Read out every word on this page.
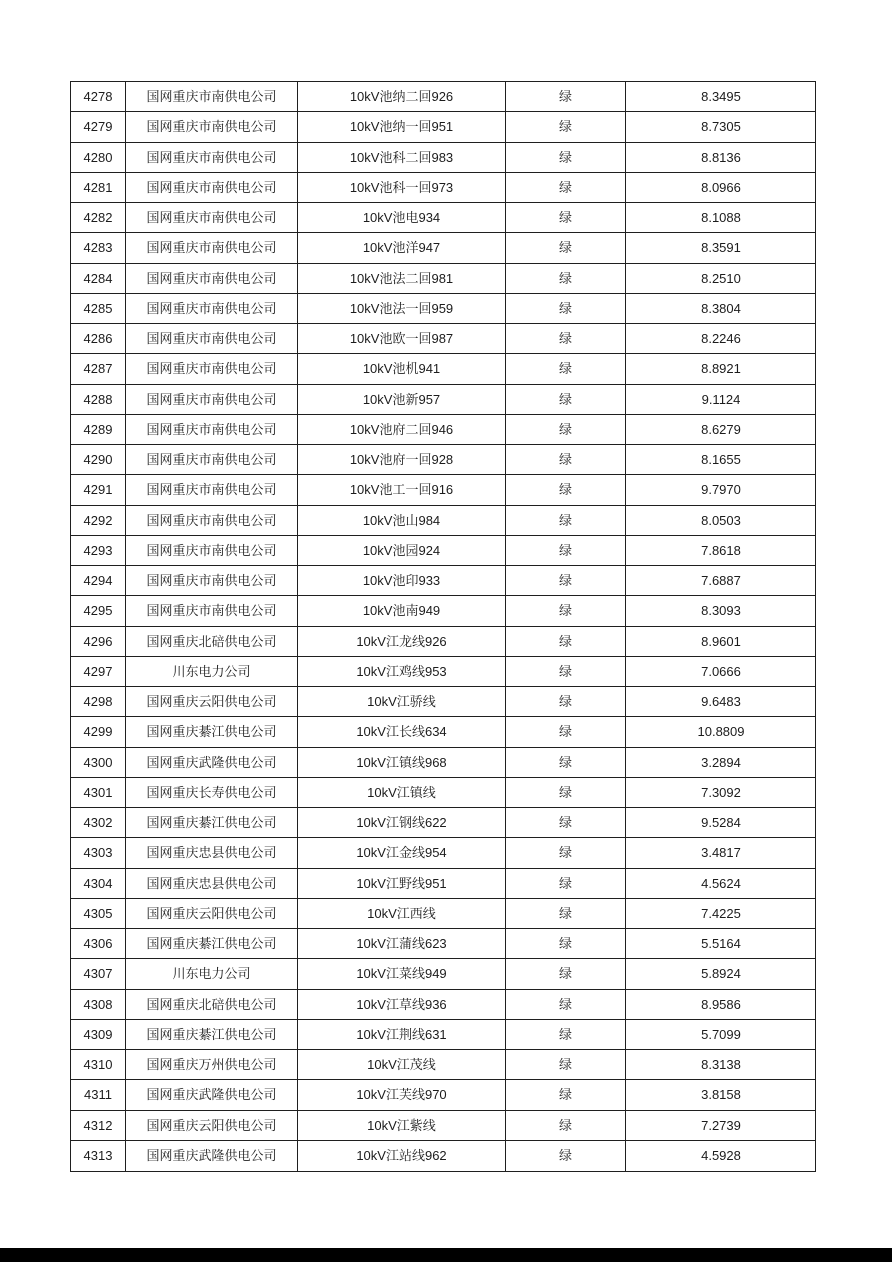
4278	国网重庆市南供电公司	10kV池纳二回926	绿	8.3495
4279	国网重庆市南供电公司	10kV池纳一回951	绿	8.7305
4280	国网重庆市南供电公司	10kV池科二回983	绿	8.8136
4281	国网重庆市南供电公司	10kV池科一回973	绿	8.0966
4282	国网重庆市南供电公司	10kV池电934	绿	8.1088
4283	国网重庆市南供电公司	10kV池洋947	绿	8.3591
4284	国网重庆市南供电公司	10kV池法二回981	绿	8.2510
4285	国网重庆市南供电公司	10kV池法一回959	绿	8.3804
4286	国网重庆市南供电公司	10kV池欧一回987	绿	8.2246
4287	国网重庆市南供电公司	10kV池机941	绿	8.8921
4288	国网重庆市南供电公司	10kV池新957	绿	9.1124
4289	国网重庆市南供电公司	10kV池府二回946	绿	8.6279
4290	国网重庆市南供电公司	10kV池府一回928	绿	8.1655
4291	国网重庆市南供电公司	10kV池工一回916	绿	9.7970
4292	国网重庆市南供电公司	10kV池山984	绿	8.0503
4293	国网重庆市南供电公司	10kV池园924	绿	7.8618
4294	国网重庆市南供电公司	10kV池印933	绿	7.6887
4295	国网重庆市南供电公司	10kV池南949	绿	8.3093
4296	国网重庆北碚供电公司	10kV江龙线926	绿	8.9601
4297	川东电力公司	10kV江鸡线953	绿	7.0666
4298	国网重庆云阳供电公司	10kV江骄线	绿	9.6483
4299	国网重庆綦江供电公司	10kV江长线634	绿	10.8809
4300	国网重庆武隆供电公司	10kV江镇线968	绿	3.2894
4301	国网重庆长寿供电公司	10kV江镇线	绿	7.3092
4302	国网重庆綦江供电公司	10kV江钢线622	绿	9.5284
4303	国网重庆忠县供电公司	10kV江金线954	绿	3.4817
4304	国网重庆忠县供电公司	10kV江野线951	绿	4.5624
4305	国网重庆云阳供电公司	10kV江西线	绿	7.4225
4306	国网重庆綦江供电公司	10kV江蒲线623	绿	5.5164
4307	川东电力公司	10kV江菜线949	绿	5.8924
4308	国网重庆北碚供电公司	10kV江草线936	绿	8.9586
4309	国网重庆綦江供电公司	10kV江荆线631	绿	5.7099
4310	国网重庆万州供电公司	10kV江茂线	绿	8.3138
4311	国网重庆武隆供电公司	10kV江芙线970	绿	3.8158
4312	国网重庆云阳供电公司	10kV江紫线	绿	7.2739
4313	国网重庆武隆供电公司	10kV江站线962	绿	4.5928
